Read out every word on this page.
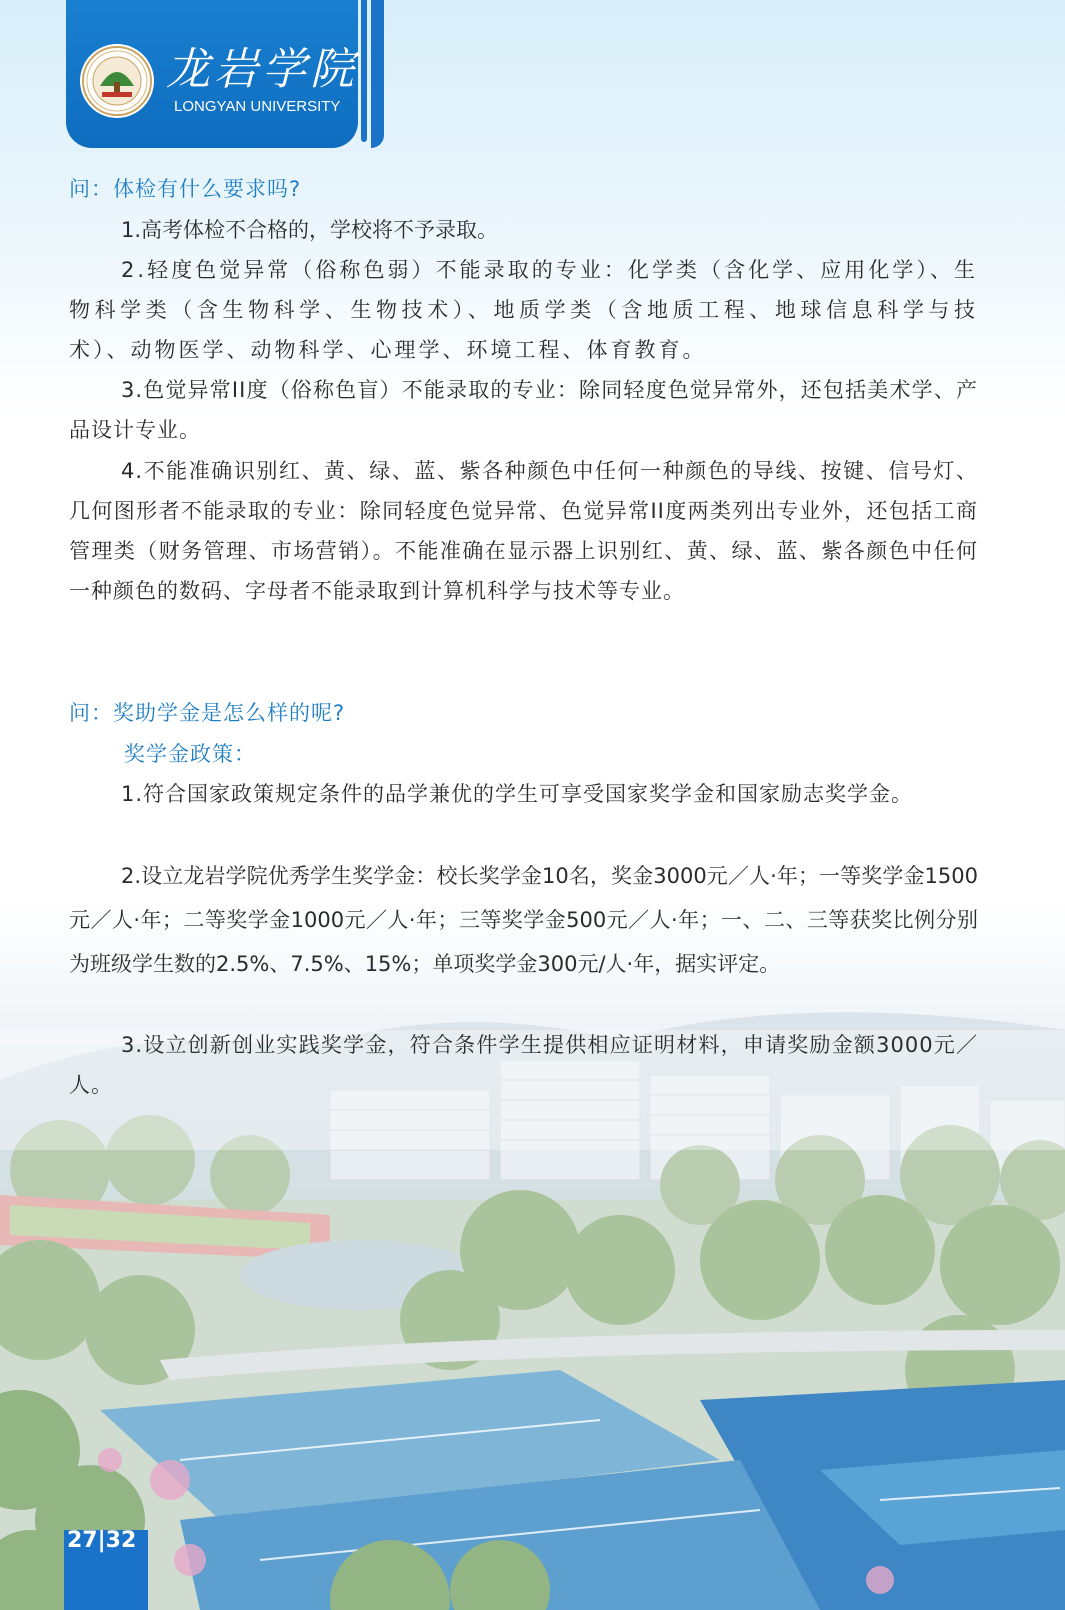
龙岩学院
LONGYAN UNIVERSITY
问：体检有什么要求吗?
1.高考体检不合格的，学校将不予录取。
2.轻度色觉异常（俗称色弱）不能录取的专业：化学类（含化学、应用化学）、生物科学类（含生物科学、生物技术）、地质学类（含地质工程、地球信息科学与技术）、动物医学、动物科学、心理学、环境工程、体育教育。
3.色觉异常II度（俗称色盲）不能录取的专业：除同轻度色觉异常外，还包括美术学、产品设计专业。
4.不能准确识别红、黄、绿、蓝、紫各种颜色中任何一种颜色的导线、按键、信号灯、几何图形者不能录取的专业：除同轻度色觉异常、色觉异常II度两类列出专业外，还包括工商管理类（财务管理、市场营销）。不能准确在显示器上识别红、黄、绿、蓝、紫各颜色中任何一种颜色的数码、字母者不能录取到计算机科学与技术等专业。
问：奖助学金是怎么样的呢?
奖学金政策：
1.符合国家政策规定条件的品学兼优的学生可享受国家奖学金和国家励志奖学金。
2.设立龙岩学院优秀学生奖学金：校长奖学金10名，奖金3000元／人·年；一等奖学金1500元／人·年；二等奖学金1000元／人·年；三等奖学金500元／人·年；一、二、三等获奖比例分别为班级学生数的2.5%、7.5%、15%；单项奖学金300元/人·年，据实评定。
3.设立创新创业实践奖学金，符合条件学生提供相应证明材料，申请奖励金额3000元／人。
27|32
